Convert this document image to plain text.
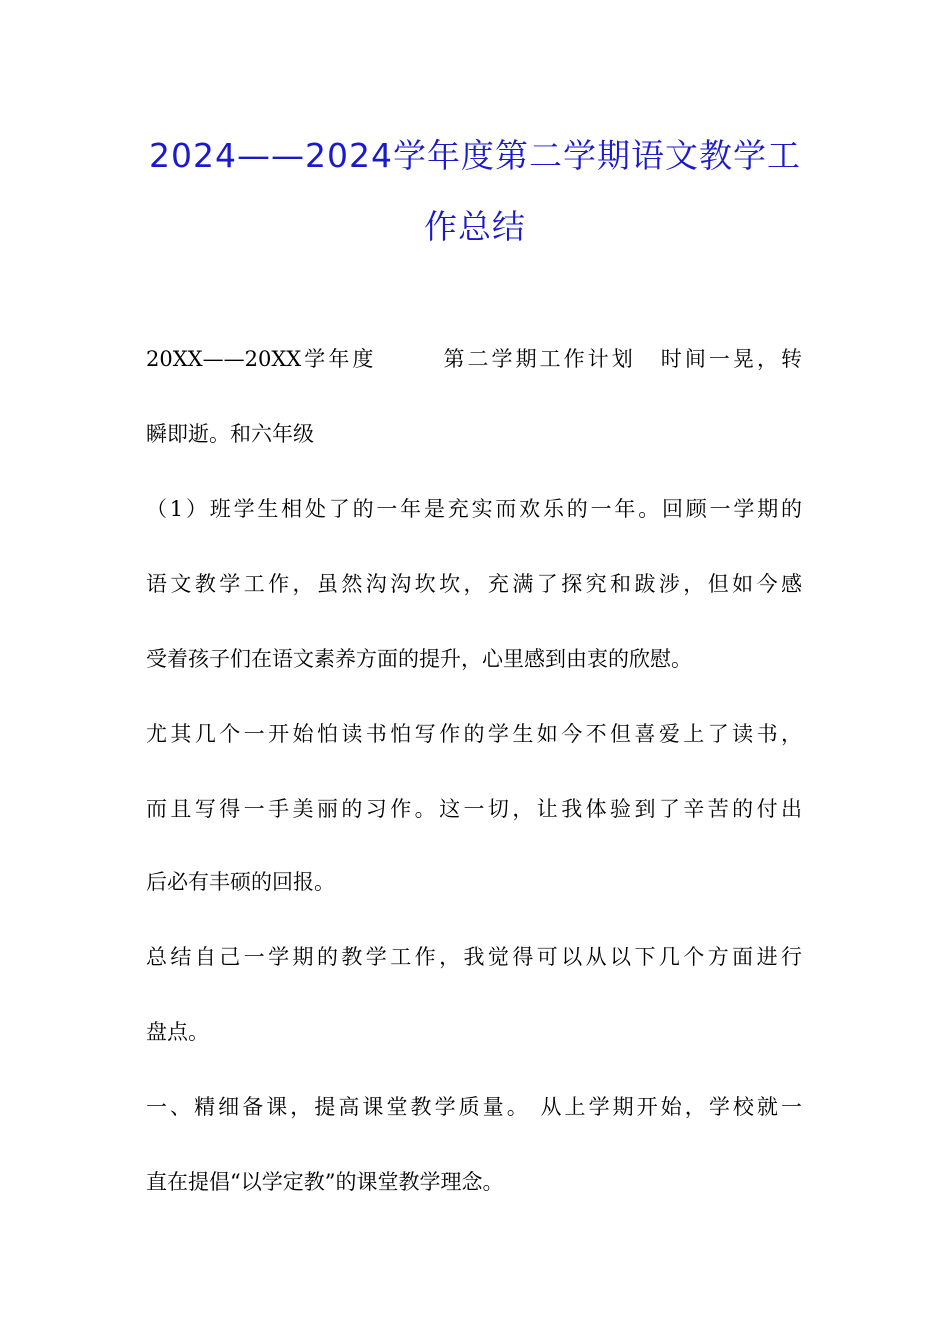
2024——2024学年度第二学期语文教学工
作总结
20XX——20XX学年度	第二学期工作计划 时间一晃，转
瞬即逝。和六年级
（1）班学生相处了的一年是充实而欢乐的一年。回顾一学期的
语文教学工作，虽然沟沟坎坎，充满了探究和跋涉，但如今感
受着孩子们在语文素养方面的提升，心里感到由衷的欣慰。
尤其几个一开始怕读书怕写作的学生如今不但喜爱上了读书，
而且写得一手美丽的习作。这一切，让我体验到了辛苦的付出
后必有丰硕的回报。
总结自己一学期的教学工作，我觉得可以从以下几个方面进行
盘点。
一、精细备课，提高课堂教学质量。 从上学期开始，学校就一
直在提倡“以学定教”的课堂教学理念。
